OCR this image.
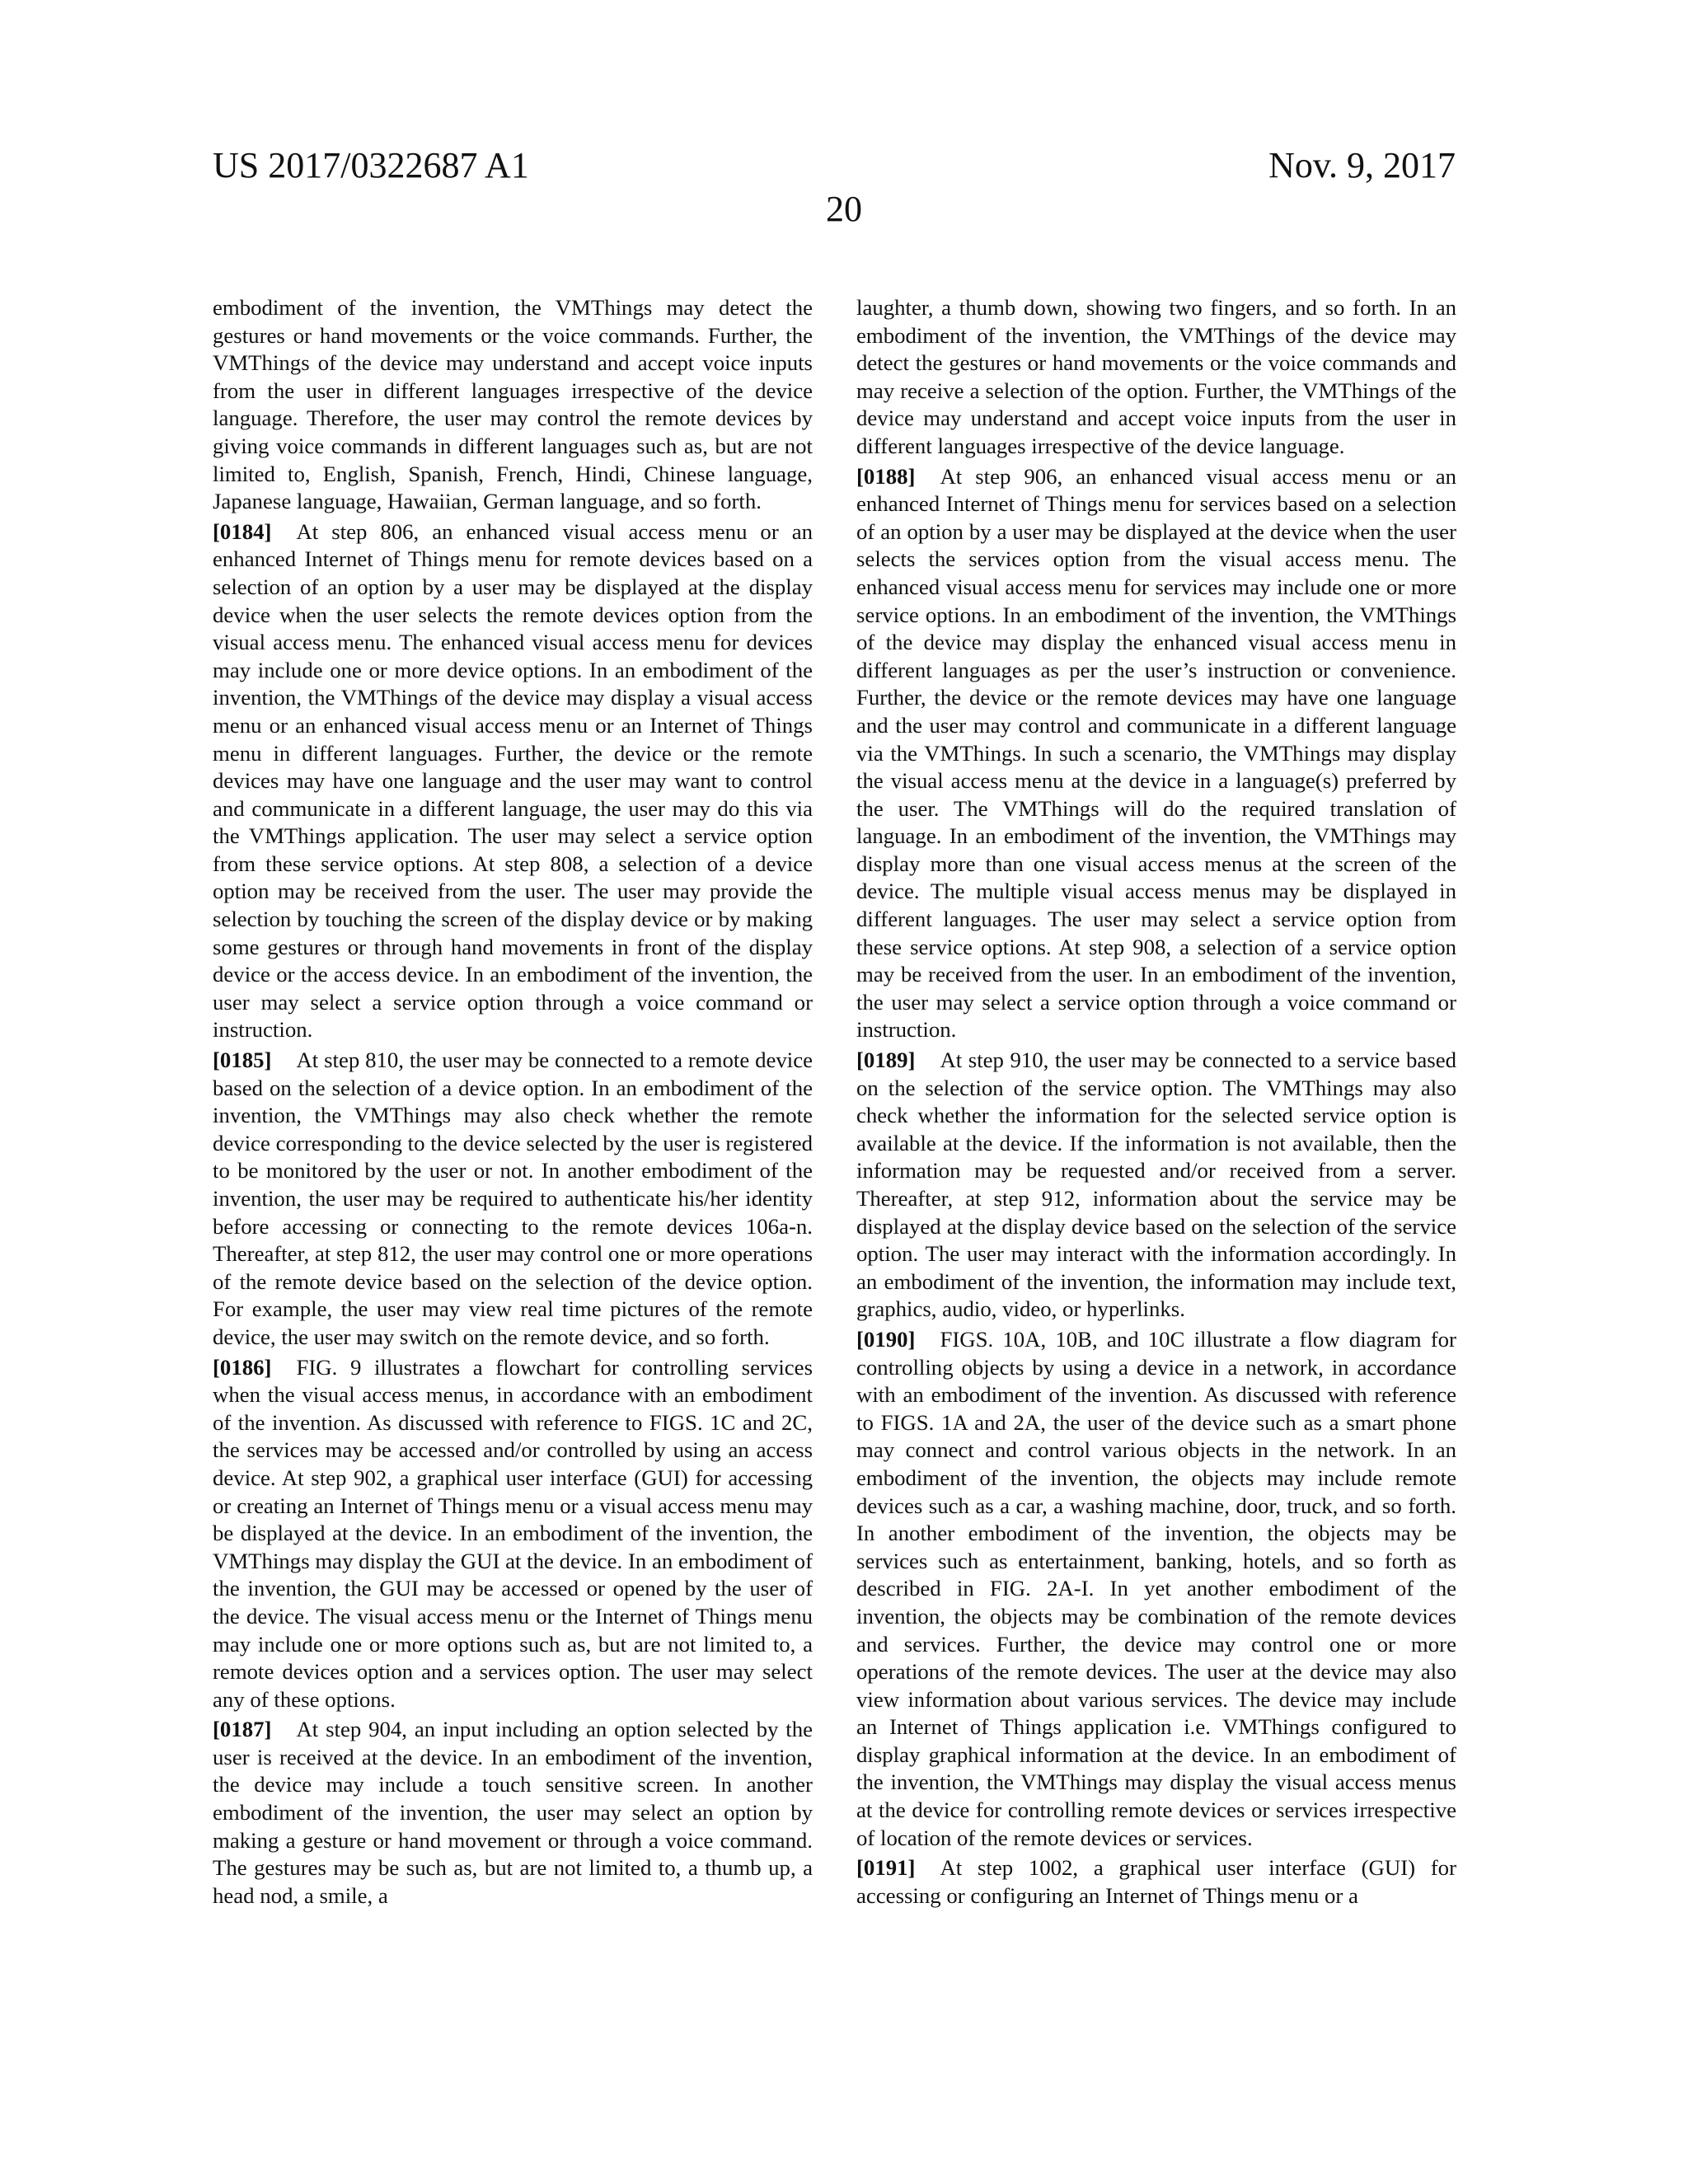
US 2017/0322687 A1	Nov. 9, 2017
20

embodiment of the invention, the VMThings may detect the gestures or hand movements or the voice commands. Further, the VMThings of the device may understand and accept voice inputs from the user in different languages irrespective of the device language. Therefore, the user may control the remote devices by giving voice commands in different languages such as, but are not limited to, English, Spanish, French, Hindi, Chinese language, Japanese language, Hawaiian, German language, and so forth.

[0184] At step 806, an enhanced visual access menu or an enhanced Internet of Things menu for remote devices based on a selection of an option by a user may be displayed at the display device when the user selects the remote devices option from the visual access menu. The enhanced visual access menu for devices may include one or more device options. In an embodiment of the invention, the VMThings of the device may display a visual access menu or an enhanced visual access menu or an Internet of Things menu in different languages. Further, the device or the remote devices may have one language and the user may want to control and communicate in a different language, the user may do this via the VMThings application. The user may select a service option from these service options. At step 808, a selection of a device option may be received from the user. The user may provide the selection by touching the screen of the display device or by making some gestures or through hand movements in front of the display device or the access device. In an embodiment of the invention, the user may select a service option through a voice command or instruction.

[0185] At step 810, the user may be connected to a remote device based on the selection of a device option. In an embodiment of the invention, the VMThings may also check whether the remote device corresponding to the device selected by the user is registered to be monitored by the user or not. In another embodiment of the invention, the user may be required to authenticate his/her identity before accessing or connecting to the remote devices 106a-n. Thereafter, at step 812, the user may control one or more operations of the remote device based on the selection of the device option. For example, the user may view real time pictures of the remote device, the user may switch on the remote device, and so forth.

[0186] FIG. 9 illustrates a flowchart for controlling services when the visual access menus, in accordance with an embodiment of the invention. As discussed with reference to FIGS. 1C and 2C, the services may be accessed and/or controlled by using an access device. At step 902, a graphical user interface (GUI) for accessing or creating an Internet of Things menu or a visual access menu may be displayed at the device. In an embodiment of the invention, the VMThings may display the GUI at the device. In an embodiment of the invention, the GUI may be accessed or opened by the user of the device. The visual access menu or the Internet of Things menu may include one or more options such as, but are not limited to, a remote devices option and a services option. The user may select any of these options.

[0187] At step 904, an input including an option selected by the user is received at the device. In an embodiment of the invention, the device may include a touch sensitive screen. In another embodiment of the invention, the user may select an option by making a gesture or hand movement or through a voice command. The gestures may be such as, but are not limited to, a thumb up, a head nod, a smile, a

laughter, a thumb down, showing two fingers, and so forth. In an embodiment of the invention, the VMThings of the device may detect the gestures or hand movements or the voice commands and may receive a selection of the option. Further, the VMThings of the device may understand and accept voice inputs from the user in different languages irrespective of the device language.

[0188] At step 906, an enhanced visual access menu or an enhanced Internet of Things menu for services based on a selection of an option by a user may be displayed at the device when the user selects the services option from the visual access menu. The enhanced visual access menu for services may include one or more service options. In an embodiment of the invention, the VMThings of the device may display the enhanced visual access menu in different languages as per the user’s instruction or convenience. Further, the device or the remote devices may have one language and the user may control and communicate in a different language via the VMThings. In such a scenario, the VMThings may display the visual access menu at the device in a language(s) preferred by the user. The VMThings will do the required translation of language. In an embodiment of the invention, the VMThings may display more than one visual access menus at the screen of the device. The multiple visual access menus may be displayed in different languages. The user may select a service option from these service options. At step 908, a selection of a service option may be received from the user. In an embodiment of the invention, the user may select a service option through a voice command or instruction.

[0189] At step 910, the user may be connected to a service based on the selection of the service option. The VMThings may also check whether the information for the selected service option is available at the device. If the information is not available, then the information may be requested and/or received from a server. Thereafter, at step 912, information about the service may be displayed at the display device based on the selection of the service option. The user may interact with the information accordingly. In an embodiment of the invention, the information may include text, graphics, audio, video, or hyperlinks.

[0190] FIGS. 10A, 10B, and 10C illustrate a flow diagram for controlling objects by using a device in a network, in accordance with an embodiment of the invention. As discussed with reference to FIGS. 1A and 2A, the user of the device such as a smart phone may connect and control various objects in the network. In an embodiment of the invention, the objects may include remote devices such as a car, a washing machine, door, truck, and so forth. In another embodiment of the invention, the objects may be services such as entertainment, banking, hotels, and so forth as described in FIG. 2A-I. In yet another embodiment of the invention, the objects may be combination of the remote devices and services. Further, the device may control one or more operations of the remote devices. The user at the device may also view information about various services. The device may include an Internet of Things application i.e. VMThings configured to display graphical information at the device. In an embodiment of the invention, the VMThings may display the visual access menus at the device for controlling remote devices or services irrespective of location of the remote devices or services.

[0191] At step 1002, a graphical user interface (GUI) for accessing or configuring an Internet of Things menu or a
